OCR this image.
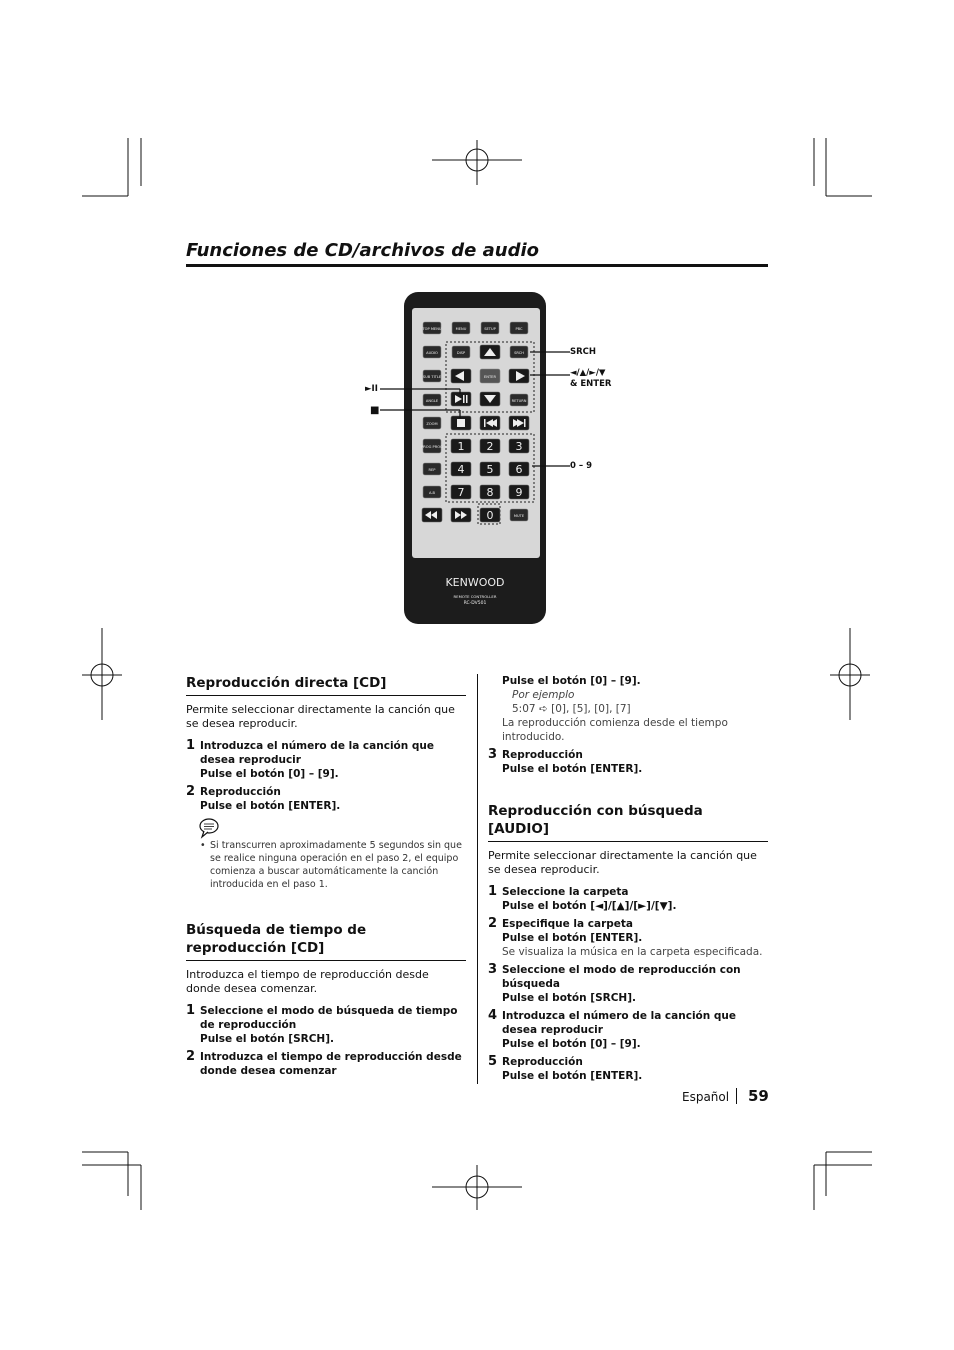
Funciones de CD/archivos de audio
1 2 3
4 5 6
7 8 9
0
TOP MENU	MENU	SETUP	PBC
AUDIO	DISP	SRCH
SUB TITLE	ENTER
ANGLE	RETURN
ZOOM
PROG PROG
REP
A-B
MUTE
KENWOOD
REMOTE CONTROLLER
RC-DV501
SRCH
◄/▲/►/▼
& ENTER
0 – 9
►II
■
Reproducción directa [CD]
Permite seleccionar directamente la canción que se desea reproducir.
1 Introduzca el número de la canción que desea reproducir
Pulse el botón [0] – [9].
2 Reproducción
Pulse el botón [ENTER].
• Si transcurren aproximadamente 5 segundos sin que se realice ninguna operación en el paso 2, el equipo comienza a buscar automáticamente la canción introducida en el paso 1.
Búsqueda de tiempo de reproducción [CD]
Introduzca el tiempo de reproducción desde donde desea comenzar.
1 Seleccione el modo de búsqueda de tiempo de reproducción
Pulse el botón [SRCH].
2 Introduzca el tiempo de reproducción desde donde desea comenzar
Pulse el botón [0] – [9].
Por ejemplo
5:07 ➪ [0], [5], [0], [7]
La reproducción comienza desde el tiempo introducido.
3 Reproducción
Pulse el botón [ENTER].
Reproducción con búsqueda [AUDIO]
Permite seleccionar directamente la canción que se desea reproducir.
1 Seleccione la carpeta
Pulse el botón [◄]/[▲]/[►]/[▼].
2 Especifique la carpeta
Pulse el botón [ENTER].
Se visualiza la música en la carpeta especificada.
3 Seleccione el modo de reproducción con búsqueda
Pulse el botón [SRCH].
4 Introduzca el número de la canción que desea reproducir
Pulse el botón [0] – [9].
5 Reproducción
Pulse el botón [ENTER].
Español 59
